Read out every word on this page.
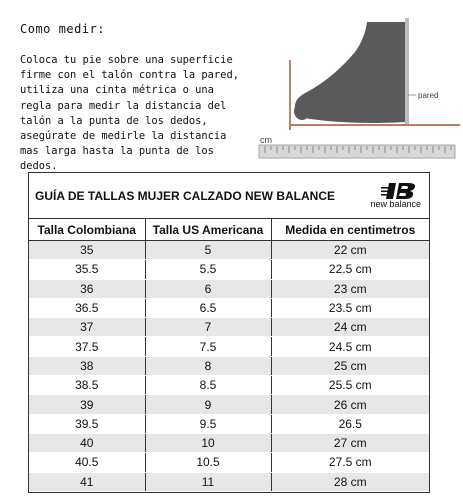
Como medir:
Coloca tu pie sobre una superficie
firme con el talón contra la pared,
utiliza una cinta métrica o una
regla para medir la distancia del
talón a la punta de los dedos,
asegúrate de medirle la distancia
mas larga hasta la punta de los
dedos.
pared
cm
GUÍA DE TALLAS MUJER CALZADO NEW BALANCE
new balance
Talla Colombiana	Talla US Americana	Medida en centimetros
35	5	22 cm
35.5	5.5	22.5 cm
36	6	23 cm
36.5	6.5	23.5 cm
37	7	24 cm
37.5	7.5	24.5 cm
38	8	25 cm
38.5	8.5	25.5 cm
39	9	26 cm
39.5	9.5	26.5
40	10	27 cm
40.5	10.5	27.5 cm
41	11	28 cm
